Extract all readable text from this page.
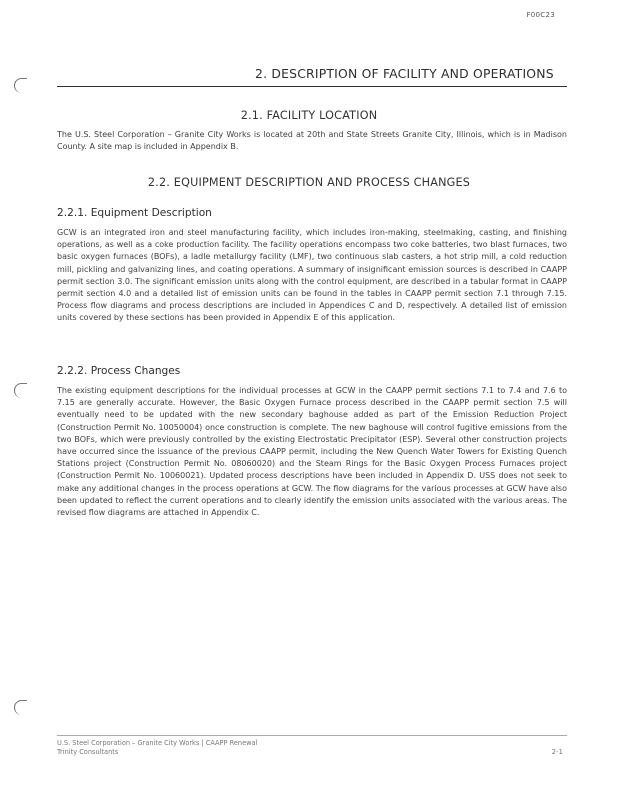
F00C23
2. DESCRIPTION OF FACILITY AND OPERATIONS
2.1. FACILITY LOCATION
The U.S. Steel Corporation – Granite City Works is located at 20th and State Streets Granite City, Illinois, which is in Madison County. A site map is included in Appendix B.
2.2. EQUIPMENT DESCRIPTION AND PROCESS CHANGES
2.2.1. Equipment Description
GCW is an integrated iron and steel manufacturing facility, which includes iron-making, steelmaking, casting, and finishing operations, as well as a coke production facility. The facility operations encompass two coke batteries, two blast furnaces, two basic oxygen furnaces (BOFs), a ladle metallurgy facility (LMF), two continuous slab casters, a hot strip mill, a cold reduction mill, pickling and galvanizing lines, and coating operations. A summary of insignificant emission sources is described in CAAPP permit section 3.0. The significant emission units along with the control equipment, are described in a tabular format in CAAPP permit section 4.0 and a detailed list of emission units can be found in the tables in CAAPP permit section 7.1 through 7.15. Process flow diagrams and process descriptions are included in Appendices C and D, respectively. A detailed list of emission units covered by these sections has been provided in Appendix E of this application.
2.2.2. Process Changes
The existing equipment descriptions for the individual processes at GCW in the CAAPP permit sections 7.1 to 7.4 and 7.6 to 7.15 are generally accurate. However, the Basic Oxygen Furnace process described in the CAAPP permit section 7.5 will eventually need to be updated with the new secondary baghouse added as part of the Emission Reduction Project (Construction Permit No. 10050004) once construction is complete. The new baghouse will control fugitive emissions from the two BOFs, which were previously controlled by the existing Electrostatic Precipitator (ESP). Several other construction projects have occurred since the issuance of the previous CAAPP permit, including the New Quench Water Towers for Existing Quench Stations project (Construction Permit No. 08060020) and the Steam Rings for the Basic Oxygen Process Furnaces project (Construction Permit No. 10060021). Updated process descriptions have been included in Appendix D. USS does not seek to make any additional changes in the process operations at GCW. The flow diagrams for the various processes at GCW have also been updated to reflect the current operations and to clearly identify the emission units associated with the various areas. The revised flow diagrams are attached in Appendix C.
U.S. Steel Corporation – Granite City Works | CAAPP Renewal
Trinity Consultants	2-1
